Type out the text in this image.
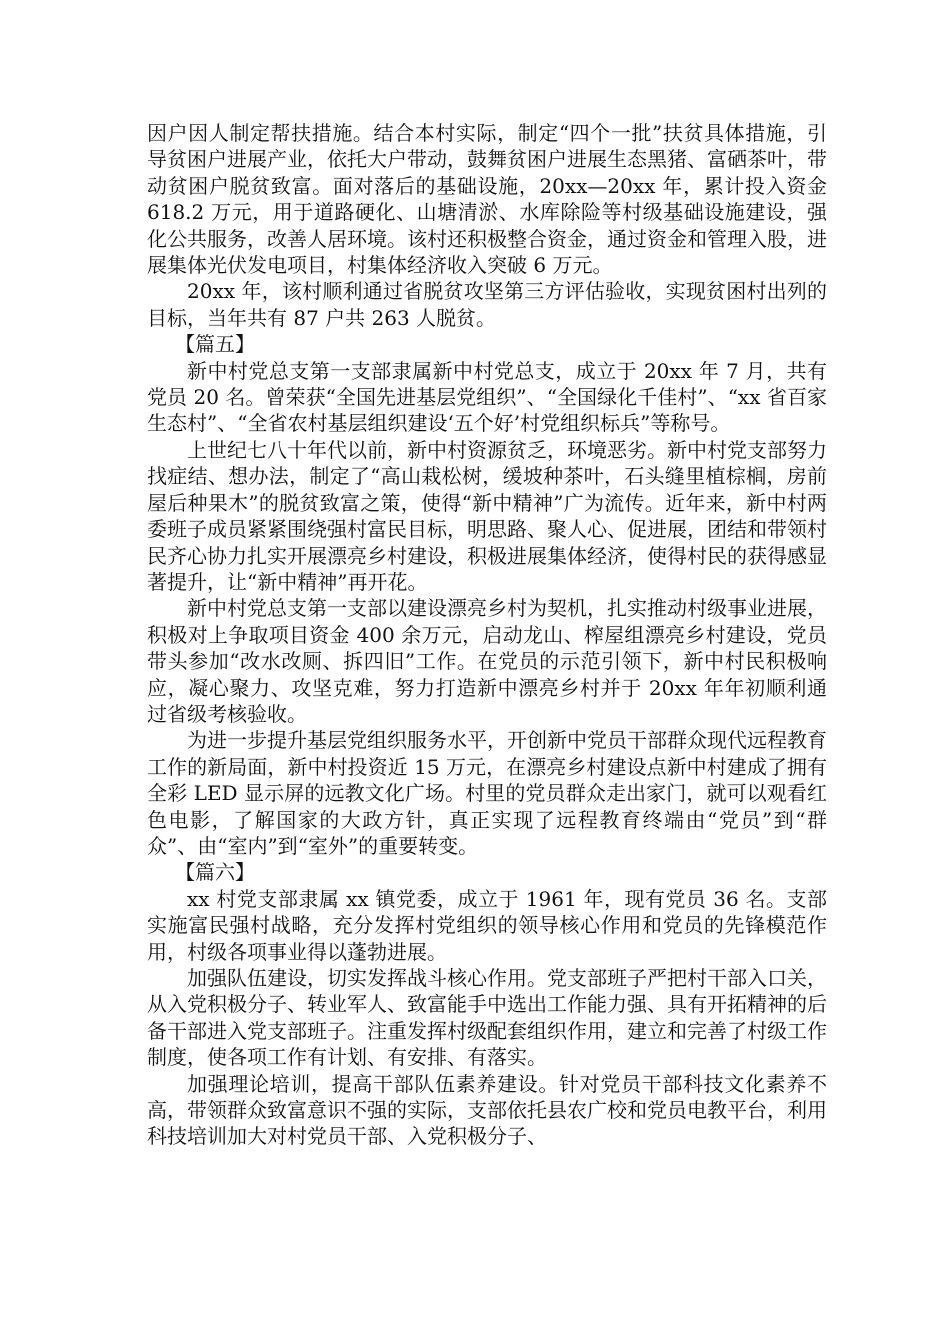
因户因人制定帮扶措施。结合本村实际，制定“四个一批”扶贫具体措施，引导贫困户进展产业，依托大户带动，鼓舞贫困户进展生态黑猪、富硒茶叶，带动贫困户脱贫致富。面对落后的基础设施，20xx—20xx 年，累计投入资金 618.2 万元，用于道路硬化、山塘清淤、水库除险等村级基础设施建设，强化公共服务，改善人居环境。该村还积极整合资金，通过资金和管理入股，进展集体光伏发电项目，村集体经济收入突破 6 万元。

20xx 年，该村顺利通过省脱贫攻坚第三方评估验收，实现贫困村出列的目标，当年共有 87 户共 263 人脱贫。

【篇五】

新中村党总支第一支部隶属新中村党总支，成立于 20xx 年 7 月，共有党员 20 名。曾荣获“全国先进基层党组织”、“全国绿化千佳村”、“xx 省百家生态村”、“全省农村基层组织建设‘五个好’村党组织标兵”等称号。

上世纪七八十年代以前，新中村资源贫乏，环境恶劣。新中村党支部努力找症结、想办法，制定了“高山栽松树，缓坡种茶叶，石头缝里植棕榈，房前屋后种果木”的脱贫致富之策，使得“新中精神”广为流传。近年来，新中村两委班子成员紧紧围绕强村富民目标，明思路、聚人心、促进展，团结和带领村民齐心协力扎实开展漂亮乡村建设，积极进展集体经济，使得村民的获得感显著提升，让“新中精神”再开花。

新中村党总支第一支部以建设漂亮乡村为契机，扎实推动村级事业进展，积极对上争取项目资金 400 余万元，启动龙山、榨屋组漂亮乡村建设，党员带头参加“改水改厕、拆四旧”工作。在党员的示范引领下，新中村民积极响应，凝心聚力、攻坚克难，努力打造新中漂亮乡村并于 20xx 年年初顺利通过省级考核验收。

为进一步提升基层党组织服务水平，开创新中党员干部群众现代远程教育工作的新局面，新中村投资近 15 万元，在漂亮乡村建设点新中村建成了拥有全彩 LED 显示屏的远教文化广场。村里的党员群众走出家门，就可以观看红色电影，了解国家的大政方针，真正实现了远程教育终端由“党员”到“群众”、由“室内”到“室外”的重要转变。

【篇六】

xx 村党支部隶属 xx 镇党委，成立于 1961 年，现有党员 36 名。支部实施富民强村战略，充分发挥村党组织的领导核心作用和党员的先锋模范作用，村级各项事业得以蓬勃进展。

加强队伍建设，切实发挥战斗核心作用。党支部班子严把村干部入口关，从入党积极分子、转业军人、致富能手中选出工作能力强、具有开拓精神的后备干部进入党支部班子。注重发挥村级配套组织作用，建立和完善了村级工作制度，使各项工作有计划、有安排、有落实。

加强理论培训，提高干部队伍素养建设。针对党员干部科技文化素养不高，带领群众致富意识不强的实际，支部依托县农广校和党员电教平台，利用科技培训加大对村党员干部、入党积极分子、
